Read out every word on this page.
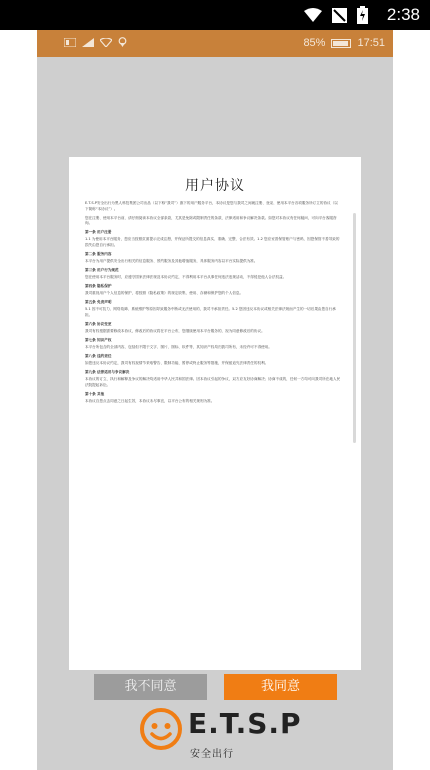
2:38
85%	17:51
用户协议

E.T.S.P安全出行为黑人科技集团公司出品（以下称“我司”）旗下的用户服务平台，本协议是您与我司之间就注册、登录、使用本平台各项服务所订立的协议（以下简称“本协议”）。

您在注册、使用本平台前，请仔细阅读本协议全部条款，尤其是免除或限制责任的条款、法律适用和争议解决条款。如您对本协议有任何疑问，可向平台客服咨询。

第一条 用户注册

1.1 为使用本平台服务，您应当按照页面提示完成注册，并保证所提交的信息真实、准确、完整、合法有效。1.2 您应妥善保管账户与密码，因您保管不善导致的损失由您自行承担。

第二条 服务内容

本平台为用户提供安全出行相关的信息服务、预约服务及其他增值服务，具体服务内容以平台实际提供为准。

第三条 用户行为规范

您在使用本平台服务时，应遵守国家法律法规及本协议约定，不得利用本平台从事任何违法违规活动，不得侵犯他人合法权益。

第四条 隐私保护

我司重视用户个人信息的保护，将按照《隐私政策》的规定收集、使用、存储和保护您的个人信息。

第五条 免责声明

5.1 因不可抗力、网络故障、系统维护等原因导致服务中断或无法使用的，我司不承担责任。5.2 您因违反本协议或相关法律法规而产生的一切后果由您自行承担。

第六条 协议变更

我司有权根据需要修改本协议，修改后的协议将在平台公布，您继续使用本平台服务的，视为同意修改后的协议。

第七条 知识产权

本平台所包含的全部内容，包括但不限于文字、图片、图标、软件等，其知识产权均归我司所有，未经许可不得使用。

第八条 违约责任

如您违反本协议约定，我司有权视情节采取警告、限制功能、暂停或终止服务等措施，并保留追究法律责任的权利。

第九条 法律适用与争议解决

本协议的订立、执行和解释及争议的解决均适用中华人民共和国法律。因本协议引起的争议，双方应友好协商解决；协商不成的，任何一方均可向我司所在地人民法院提起诉讼。

第十条 其他

本协议自您点击同意之日起生效，本协议未尽事宜，以平台公布的相关规则为准。

我不同意	我同意
E.T.S.P
安全出行
